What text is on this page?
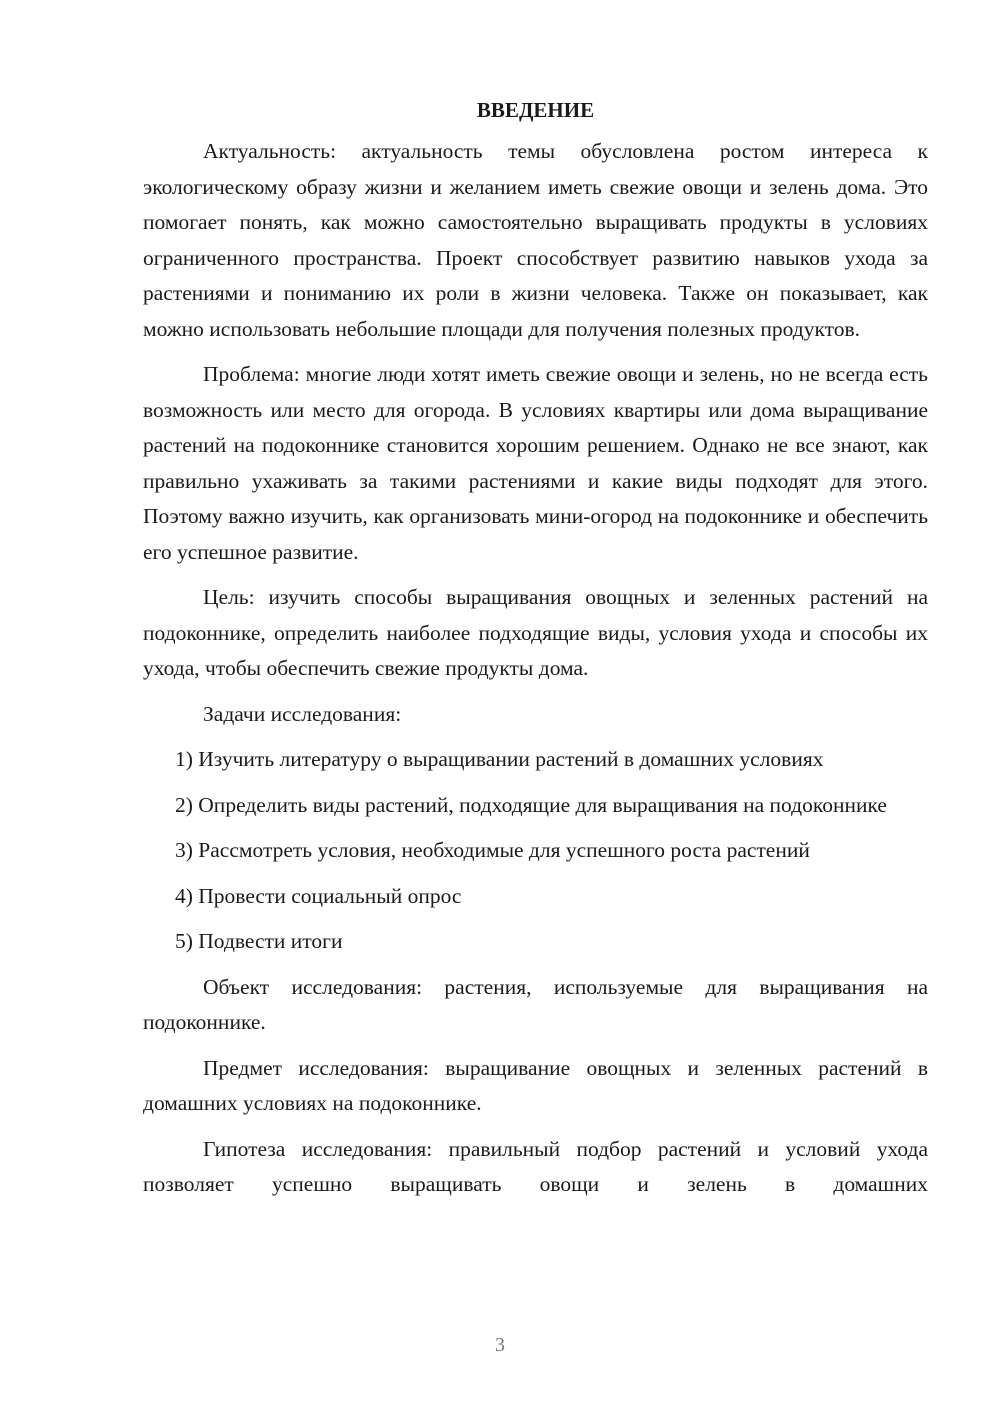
ВВЕДЕНИЕ

Актуальность: актуальность темы обусловлена ростом интереса к экологическому образу жизни и желанием иметь свежие овощи и зелень дома. Это помогает понять, как можно самостоятельно выращивать продукты в условиях ограниченного пространства. Проект способствует развитию навыков ухода за растениями и пониманию их роли в жизни человека. Также он показывает, как можно использовать небольшие площади для получения полезных продуктов.

Проблема: многие люди хотят иметь свежие овощи и зелень, но не всегда есть возможность или место для огорода. В условиях квартиры или дома выращивание растений на подоконнике становится хорошим решением. Однако не все знают, как правильно ухаживать за такими растениями и какие виды подходят для этого. Поэтому важно изучить, как организовать мини-огород на подоконнике и обеспечить его успешное развитие.

Цель: изучить способы выращивания овощных и зеленных растений на подоконнике, определить наиболее подходящие виды, условия ухода и способы их ухода, чтобы обеспечить свежие продукты дома.

Задачи исследования:

1) Изучить литературу о выращивании растений в домашних условиях

2) Определить виды растений, подходящие для выращивания на подоконнике

3) Рассмотреть условия, необходимые для успешного роста растений

4) Провести социальный опрос

5) Подвести итоги

Объект исследования: растения, используемые для выращивания на подоконнике.

Предмет исследования: выращивание овощных и зеленных растений в домашних условиях на подоконнике.

Гипотеза исследования: правильный подбор растений и условий ухода позволяет успешно выращивать овощи и зелень в домашних

3
